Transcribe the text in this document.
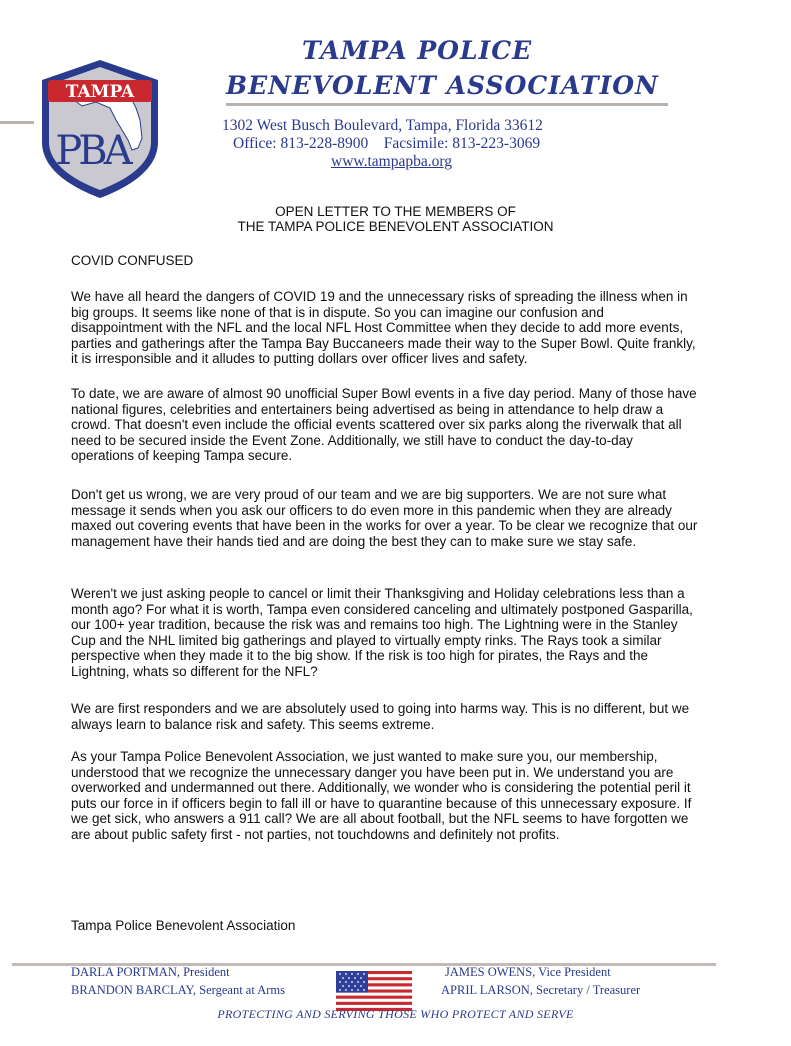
TAMPA
PBA
TAMPA POLICE
BENEVOLENT ASSOCIATION
1302 West Busch Boulevard, Tampa, Florida 33612
Office: 813-228-8900    Facsimile: 813-223-3069
www.tampapba.org
OPEN LETTER TO THE MEMBERS OF
THE TAMPA POLICE BENEVOLENT ASSOCIATION
COVID CONFUSED
We have all heard the dangers of COVID 19 and the unnecessary risks of spreading the illness when in big groups. It seems like none of that is in dispute. So you can imagine our confusion and disappointment with the NFL and the local NFL Host Committee when they decide to add more events, parties and gatherings after the Tampa Bay Buccaneers made their way to the Super Bowl. Quite frankly, it is irresponsible and it alludes to putting dollars over officer lives and safety.
To date, we are aware of almost 90 unofficial Super Bowl events in a five day period. Many of those have national figures, celebrities and entertainers being advertised as being in attendance to help draw a crowd. That doesn't even include the official events scattered over six parks along the riverwalk that all need to be secured inside the Event Zone. Additionally, we still have to conduct the day-to-day operations of keeping Tampa secure.
Don't get us wrong, we are very proud of our team and we are big supporters. We are not sure what message it sends when you ask our officers to do even more in this pandemic when they are already maxed out covering events that have been in the works for over a year. To be clear we recognize that our management have their hands tied and are doing the best they can to make sure we stay safe.
Weren't we just asking people to cancel or limit their Thanksgiving and Holiday celebrations less than a month ago? For what it is worth, Tampa even considered canceling and ultimately postponed Gasparilla, our 100+ year tradition, because the risk was and remains too high. The Lightning were in the Stanley Cup and the NHL limited big gatherings and played to virtually empty rinks. The Rays took a similar perspective when they made it to the big show. If the risk is too high for pirates, the Rays and the Lightning, whats so different for the NFL?
We are first responders and we are absolutely used to going into harms way. This is no different, but we always learn to balance risk and safety. This seems extreme.
As your Tampa Police Benevolent Association, we just wanted to make sure you, our membership, understood that we recognize the unnecessary danger you have been put in. We understand you are overworked and undermanned out there. Additionally, we wonder who is considering the potential peril it puts our force in if officers begin to fall ill or have to quarantine because of this unnecessary exposure. If we get sick, who answers a 911 call? We are all about football, but the NFL seems to have forgotten we are about public safety first - not parties, not touchdowns and definitely not profits.
Tampa Police Benevolent Association
DARLA PORTMAN, President
BRANDON BARCLAY, Sergeant at Arms
JAMES OWENS, Vice President
APRIL LARSON, Secretary / Treasurer
PROTECTING AND SERVING THOSE WHO PROTECT AND SERVE
